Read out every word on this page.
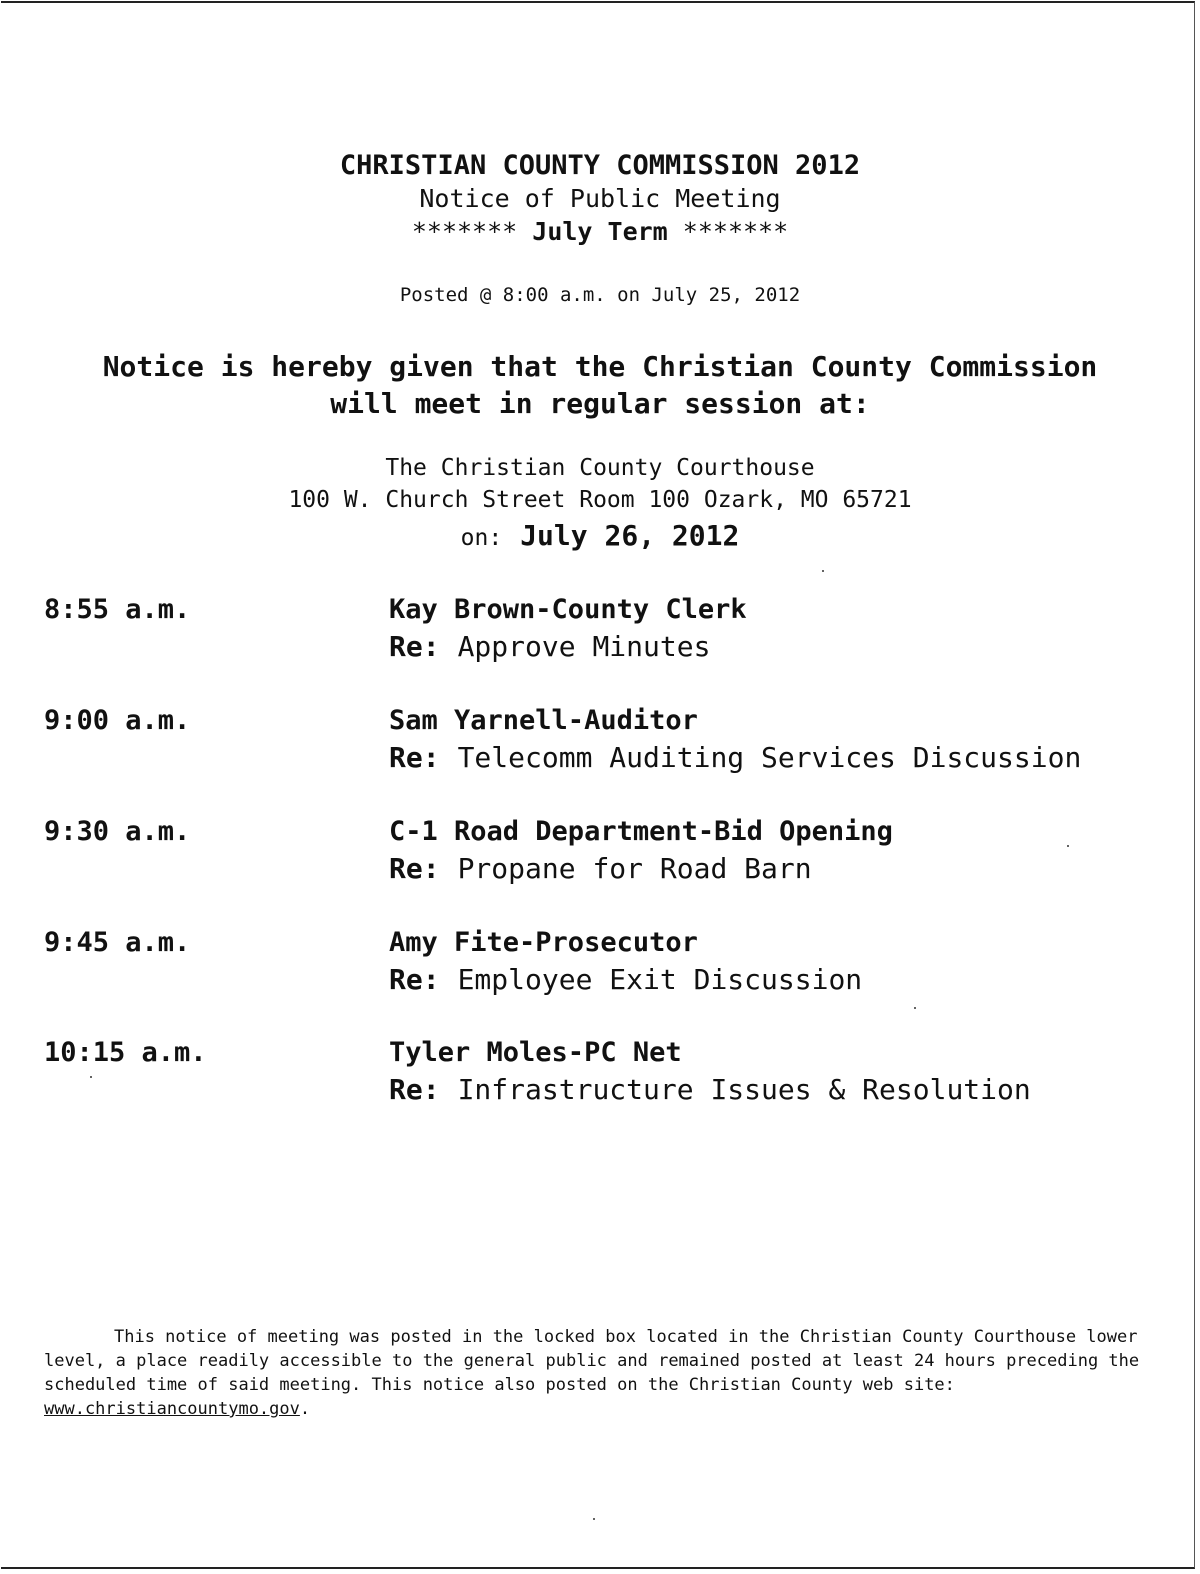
CHRISTIAN COUNTY COMMISSION 2012
Notice of Public Meeting
******* July Term *******
Posted @ 8:00 a.m. on July 25, 2012
Notice is hereby given that the Christian County Commission
will meet in regular session at:
The Christian County Courthouse
100 W. Church Street Room 100 Ozark, MO 65721
on: July 26, 2012
8:55 a.m.	Kay Brown-County Clerk
Re: Approve Minutes
9:00 a.m.	Sam Yarnell-Auditor
Re: Telecomm Auditing Services Discussion
9:30 a.m.	C-1 Road Department-Bid Opening
Re: Propane for Road Barn
9:45 a.m.	Amy Fite-Prosecutor
Re: Employee Exit Discussion
10:15 a.m.	Tyler Moles-PC Net
Re: Infrastructure Issues & Resolution
This notice of meeting was posted in the locked box located in the Christian County Courthouse lower level, a place readily accessible to the general public and remained posted at least 24 hours preceding the scheduled time of said meeting. This notice also posted on the Christian County web site: www.christiancountymo.gov.
